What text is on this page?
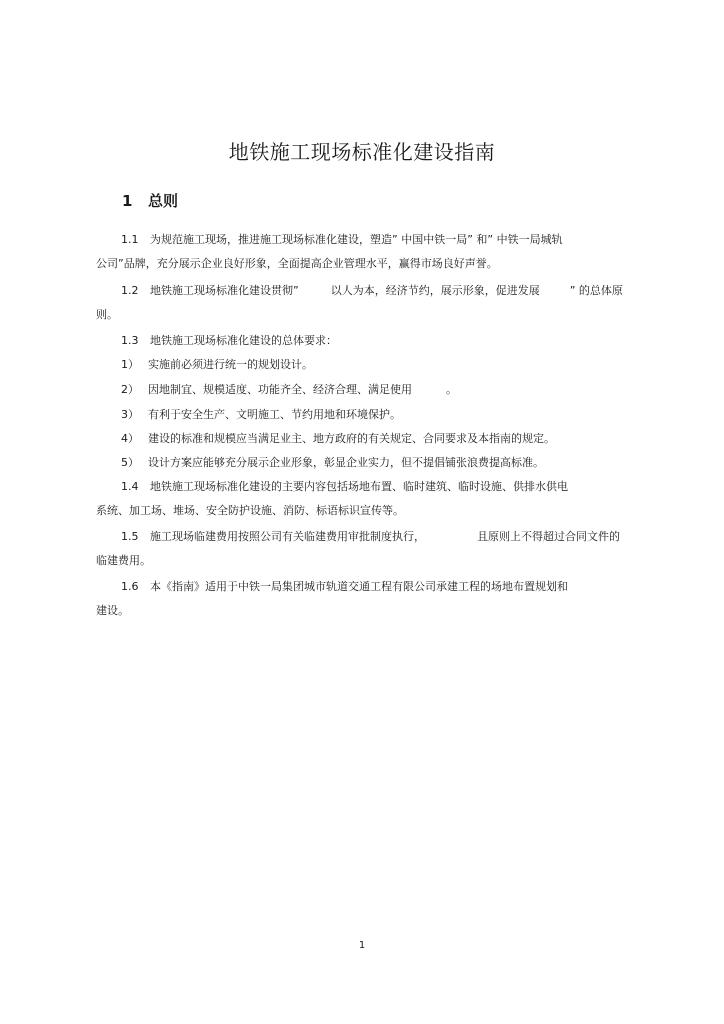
地铁施工现场标准化建设指南
1 总则

1.1 为规范施工现场，推进施工现场标准化建设，塑造” 中国中铁一局” 和” 中铁一局城轨

公司”品牌，充分展示企业良好形象，全面提高企业管理水平，赢得市场良好声誉。

1.2 地铁施工现场标准化建设贯彻”	以人为本，经济节约，展示形象，促进发展	” 的总体原

则。

1.3 地铁施工现场标准化建设的总体要求：

1） 实施前必须进行统一的规划设计。

2） 因地制宜、规模适度、功能齐全、经济合理、满足使用	。

3） 有利于安全生产、文明施工、节约用地和环境保护。

4） 建设的标准和规模应当满足业主、地方政府的有关规定、合同要求及本指南的规定。

5） 设计方案应能够充分展示企业形象，彰显企业实力，但不提倡铺张浪费提高标准。

1.4 地铁施工现场标准化建设的主要内容包括场地布置、临时建筑、临时设施、供排水供电

系统、加工场、堆场、安全防护设施、消防、标语标识宣传等。

1.5 施工现场临建费用按照公司有关临建费用审批制度执行，	且原则上不得超过合同文件的

临建费用。

1.6 本《指南》适用于中铁一局集团城市轨道交通工程有限公司承建工程的场地布置规划和

建设。

1
